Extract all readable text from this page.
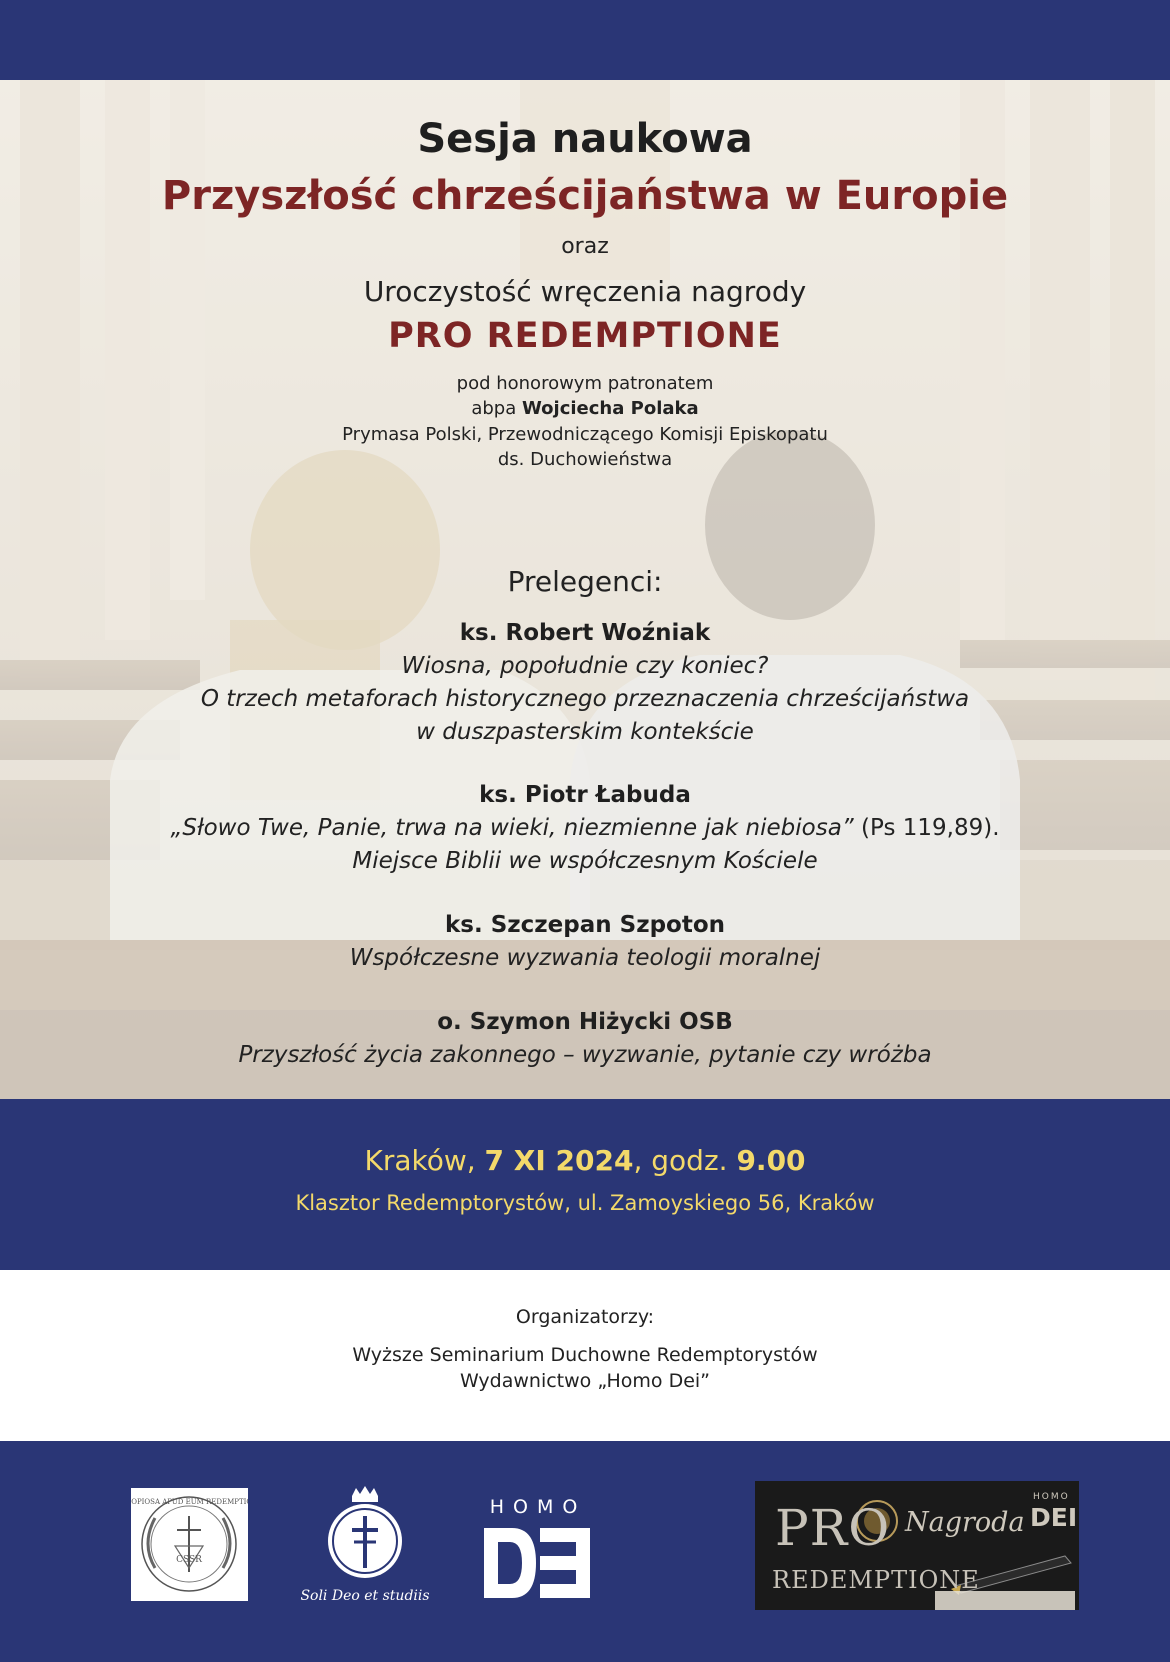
Sesja naukowa
Przyszłość chrześcijaństwa w Europie
oraz
Uroczystość wręczenia nagrody
PRO REDEMPTIONE
pod honorowym patronatem
abpa Wojciecha Polaka
Prymasa Polski, Przewodniczącego Komisji Episkopatu
ds. Duchowieństwa
Prelegenci:
ks. Robert Woźniak
Wiosna, popołudnie czy koniec?
O trzech metaforach historycznego przeznaczenia chrześcijaństwa
w duszpasterskim kontekście
ks. Piotr Łabuda
„Słowo Twe, Panie, trwa na wieki, niezmienne jak niebiosa” (Ps 119,89).
Miejsce Biblii we współczesnym Kościele
ks. Szczepan Szpoton
Współczesne wyzwania teologii moralnej
o. Szymon Hiżycki OSB
Przyszłość życia zakonnego – wyzwanie, pytanie czy wróżba
Kraków, 7 XI 2024, godz. 9.00
Klasztor Redemptorystów, ul. Zamoyskiego 56, Kraków
Organizatorzy:
Wyższe Seminarium Duchowne Redemptorystów
Wydawnictwo „Homo Dei”
COPIOSA APUD EUM REDEMPTIO
CSSR
Soli Deo et studiis
HOMO
DEI	PRO Nagroda
REDEMPTIONE
HOMO
DEI
